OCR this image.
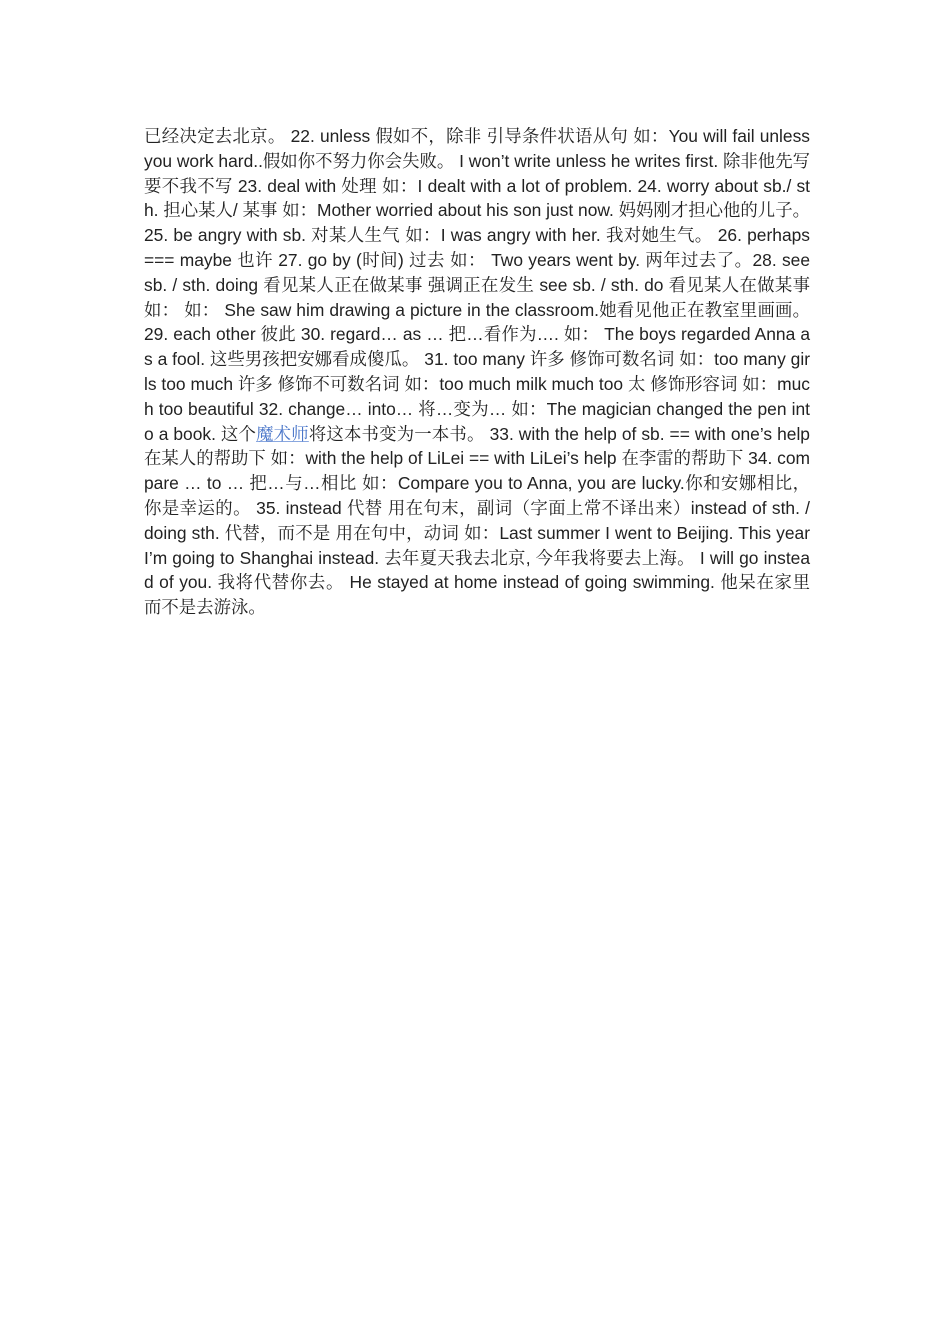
已经决定去北京。 22. unless 假如不，除非 引导条件状语从句 如：You will fail unless you work hard..假如你不努力你会失败。 I won’t write unless he writes first. 除非他先写要不我不写 23. deal with 处理 如：I dealt with a lot of problem. 24. worry about sb./ sth. 担心某人/ 某事 如：Mother worried about his son just now. 妈妈刚才担心他的儿子。 25. be angry with sb. 对某人生气 如：I was angry with her. 我对她生气。 26. perhaps === maybe 也许 27. go by (时间) 过去 如： Two years went by. 两年过去了。28. see sb. / sth. doing 看见某人正在做某事 强调正在发生 see sb. / sth. do 看见某人在做某事 如： 如： She saw him drawing a picture in the classroom.她看见他正在教室里画画。 29. each other 彼此 30. regard… as … 把…看作为…. 如： The boys regarded Anna as a fool. 这些男孩把安娜看成傻瓜。 31. too many 许多 修饰可数名词 如：too many girls too much 许多 修饰不可数名词 如：too much milk much too 太 修饰形容词 如：much too beautiful 32. change… into… 将…变为… 如：The magician changed the pen into a book. 这个魔术师将这本书变为一本书。 33. with the help of sb. == with one’s help 在某人的帮助下 如：with the help of LiLei == with LiLei’s help 在李雷的帮助下 34. compare … to … 把…与…相比 如：Compare you to Anna, you are lucky.你和安娜相比，你是幸运的。 35. instead 代替 用在句末，副词（字面上常不译出来）instead of sth. / doing sth. 代替，而不是 用在句中，动词 如：Last summer I went to Beijing. This year I’m going to Shanghai instead. 去年夏天我去北京, 今年我将要去上海。 I will go instead of you. 我将代替你去。 He stayed at home instead of going swimming. 他呆在家里而不是去游泳。
